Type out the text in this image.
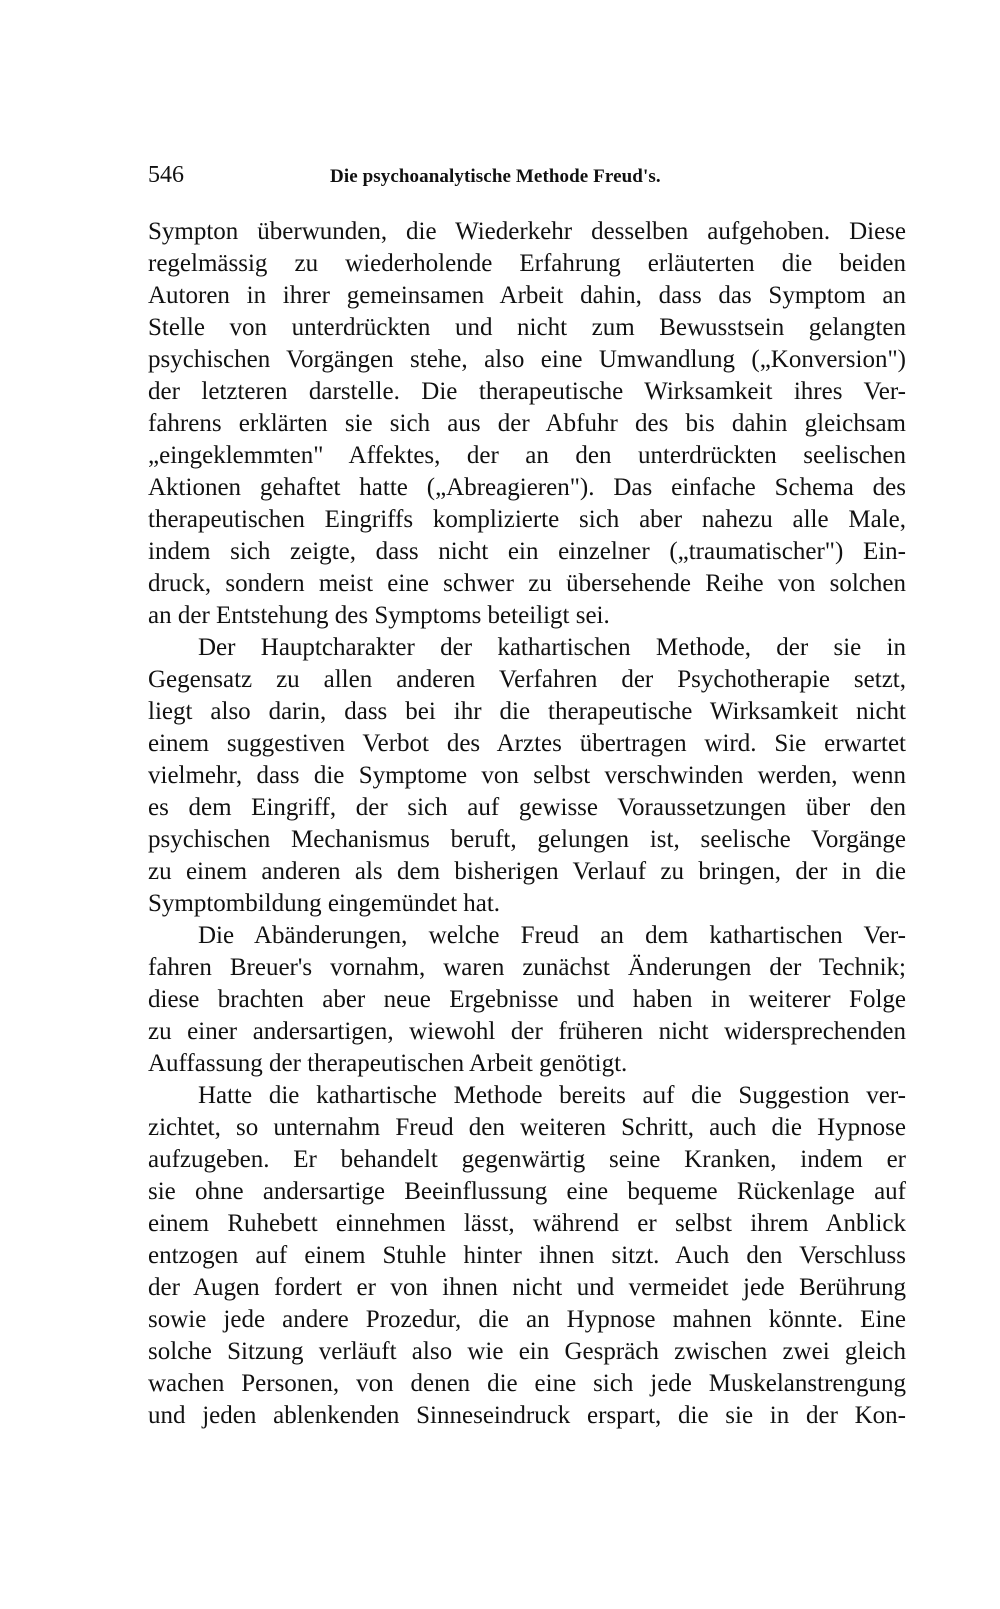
546	Die psychoanalytische Methode Freud's.
Sympton überwunden, die Wiederkehr desselben aufgehoben. Diese
regelmässig zu wiederholende Erfahrung erläuterten die beiden
Autoren in ihrer gemeinsamen Arbeit dahin, dass das Symptom an
Stelle von unterdrückten und nicht zum Bewusstsein gelangten
psychischen Vorgängen stehe, also eine Umwandlung („Konversion")
der letzteren darstelle. Die therapeutische Wirksamkeit ihres Ver-
fahrens erklärten sie sich aus der Abfuhr des bis dahin gleichsam
„eingeklemmten" Affektes, der an den unterdrückten seelischen
Aktionen gehaftet hatte („Abreagieren"). Das einfache Schema des
therapeutischen Eingriffs komplizierte sich aber nahezu alle Male,
indem sich zeigte, dass nicht ein einzelner („traumatischer") Ein-
druck, sondern meist eine schwer zu übersehende Reihe von solchen
an der Entstehung des Symptoms beteiligt sei.
Der Hauptcharakter der kathartischen Methode, der sie in
Gegensatz zu allen anderen Verfahren der Psychotherapie setzt,
liegt also darin, dass bei ihr die therapeutische Wirksamkeit nicht
einem suggestiven Verbot des Arztes übertragen wird. Sie erwartet
vielmehr, dass die Symptome von selbst verschwinden werden, wenn
es dem Eingriff, der sich auf gewisse Voraussetzungen über den
psychischen Mechanismus beruft, gelungen ist, seelische Vorgänge
zu einem anderen als dem bisherigen Verlauf zu bringen, der in die
Symptombildung eingemündet hat.
Die Abänderungen, welche Freud an dem kathartischen Ver-
fahren Breuer's vornahm, waren zunächst Änderungen der Technik;
diese brachten aber neue Ergebnisse und haben in weiterer Folge
zu einer andersartigen, wiewohl der früheren nicht widersprechenden
Auffassung der therapeutischen Arbeit genötigt.
Hatte die kathartische Methode bereits auf die Suggestion ver-
zichtet, so unternahm Freud den weiteren Schritt, auch die Hypnose
aufzugeben. Er behandelt gegenwärtig seine Kranken, indem er
sie ohne andersartige Beeinflussung eine bequeme Rückenlage auf
einem Ruhebett einnehmen lässt, während er selbst ihrem Anblick
entzogen auf einem Stuhle hinter ihnen sitzt. Auch den Verschluss
der Augen fordert er von ihnen nicht und vermeidet jede Berührung
sowie jede andere Prozedur, die an Hypnose mahnen könnte. Eine
solche Sitzung verläuft also wie ein Gespräch zwischen zwei gleich
wachen Personen, von denen die eine sich jede Muskelanstrengung
und jeden ablenkenden Sinneseindruck erspart, die sie in der Kon-
